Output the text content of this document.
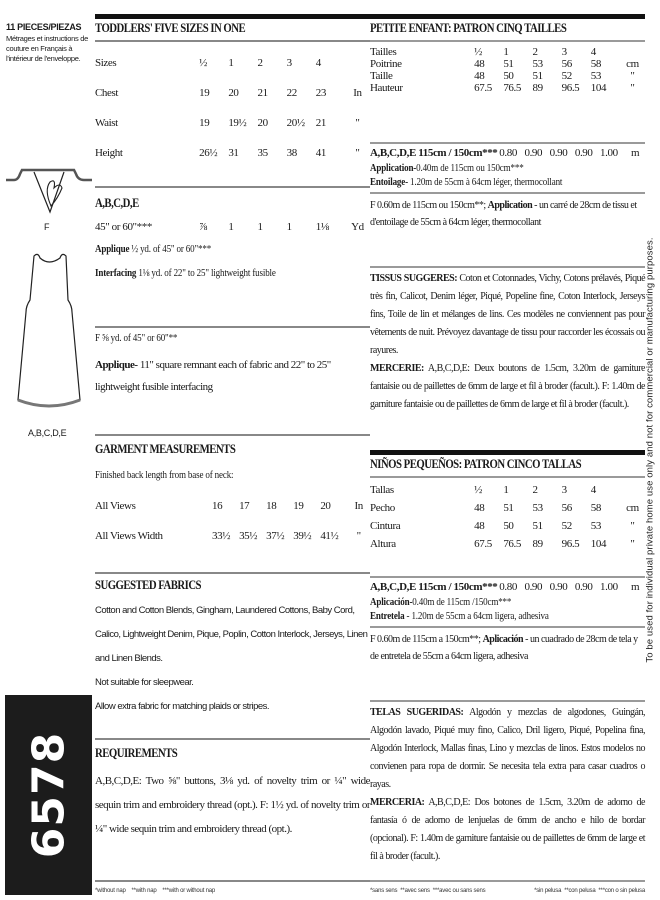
11 PIECES/PIEZAS
Métrages et instructions de couture en Français à l'intérieur de l'enveloppe.
F
A,B,C,D,E
6578
TODDLERS' FIVE SIZES IN ONE
Sizes	½	1	2	3	4	
Chest	19	20	21	22	23	In
Waist	19	19½	20	20½	21	"
Height	26½	31	35	38	41	"
A,B,C,D,E
45" or 60"***	⅞	1	1	1	1⅛	Yd
Applique ½ yd. of 45" or 60"***
Interfacing 1⅛ yd. of 22" to 25" lightweight fusible
F ⅝ yd. of 45" or 60"**
Applique- 11" square remnant each of fabric and 22" to 25" lightweight fusible interfacing
GARMENT MEASUREMENTS
Finished back length from base of neck:
All Views	16	17	18	19	20	In
All Views Width	33½	35½	37½	39½	41½	"
SUGGESTED FABRICS
Cotton and Cotton Blends, Gingham, Laundered Cottons, Baby Cord, Calico, Lightweight Denim, Pique, Poplin, Cotton Interlock, Jerseys, Linen and Linen Blends.
Not suitable for sleepwear.
Allow extra fabric for matching plaids or stripes.
REQUIREMENTS
A,B,C,D,E: Two ⅝" buttons, 3⅛ yd. of novelty trim or ¼" wide sequin trim and embroidery thread (opt.). F: 1½ yd. of novelty trim or ¼" wide sequin trim and embroidery thread (opt.).
*without nap **with nap ***with or without nap
PETITE ENFANT: PATRON CINQ TAILLES
Tailles	½	1	2	3	4	
Poitrine	48	51	53	56	58	cm
Taille	48	50	51	52	53	"
Hauteur	67.5	76.5	89	96.5	104	"
A,B,C,D,E 115cm / 150cm***	0.80	0.90	0.90	0.90	1.00	m
Application-0.40m de 115cm ou 150cm***
Entoilage- 1.20m de 55cm à 64cm léger, thermocollant
F 0.60m de 115cm ou 150cm**; Application - un carré de 28cm de tissu et d'entoilage de 55cm à 64cm léger, thermocollant
TISSUS SUGGERES: Coton et Cotonnades, Vichy, Cotons prélavés, Piqué très fin, Calicot, Denim léger, Piqué, Popeline fine, Coton Interlock, Jerseys fins, Toile de lin et mélanges de lins. Ces modèles ne conviennent pas pour vêtements de nuit. Prévoyez davantage de tissu pour raccorder les écossais ou rayures.
MERCERIE: A,B,C,D,E: Deux boutons de 1.5cm, 3.20m de garniture fantaisie ou de paillettes de 6mm de large et fil à broder (facult.). F: 1.40m de garniture fantaisie ou de paillettes de 6mm de large et fil à broder (facult.).
NIÑOS PEQUEÑOS: PATRON CINCO TALLAS
Tallas	½	1	2	3	4	
Pecho	48	51	53	56	58	cm
Cintura	48	50	51	52	53	"
Altura	67.5	76.5	89	96.5	104	"
A,B,C,D,E 115cm / 150cm***	0.80	0.90	0.90	0.90	1.00	m
Aplicación-0.40m de 115cm /150cm***
Entretela - 1.20m de 55cm a 64cm ligera, adhesiva
F 0.60m de 115cm a 150cm**; Aplicación - un cuadrado de 28cm de tela y de entretela de 55cm a 64cm ligera, adhesiva
TELAS SUGERIDAS: Algodón y mezclas de algodones, Guingán, Algodón lavado, Piqué muy fino, Calico, Dril ligero, Piqué, Popelina fina, Algodón Interlock, Mallas finas, Lino y mezclas de linos. Estos modelos no convienen para ropa de dormir. Se necesita tela extra para casar cuadros o rayas.
MERCERIA: A,B,C,D,E: Dos botones de 1.5cm, 3.20m de adorno de fantasía ó de adorno de lenjuelas de 6mm de ancho e hilo de bordar (opcional). F: 1.40m de garniture fantaisie ou de paillettes de 6mm de large et fil à broder (facult.).
*sans sens **avec sens ***avec ou sans sens	*sin pelusa **con pelusa ***con o sin pelusa
To be used for individual private home use only and not for commercial or manufacturing purposes.
